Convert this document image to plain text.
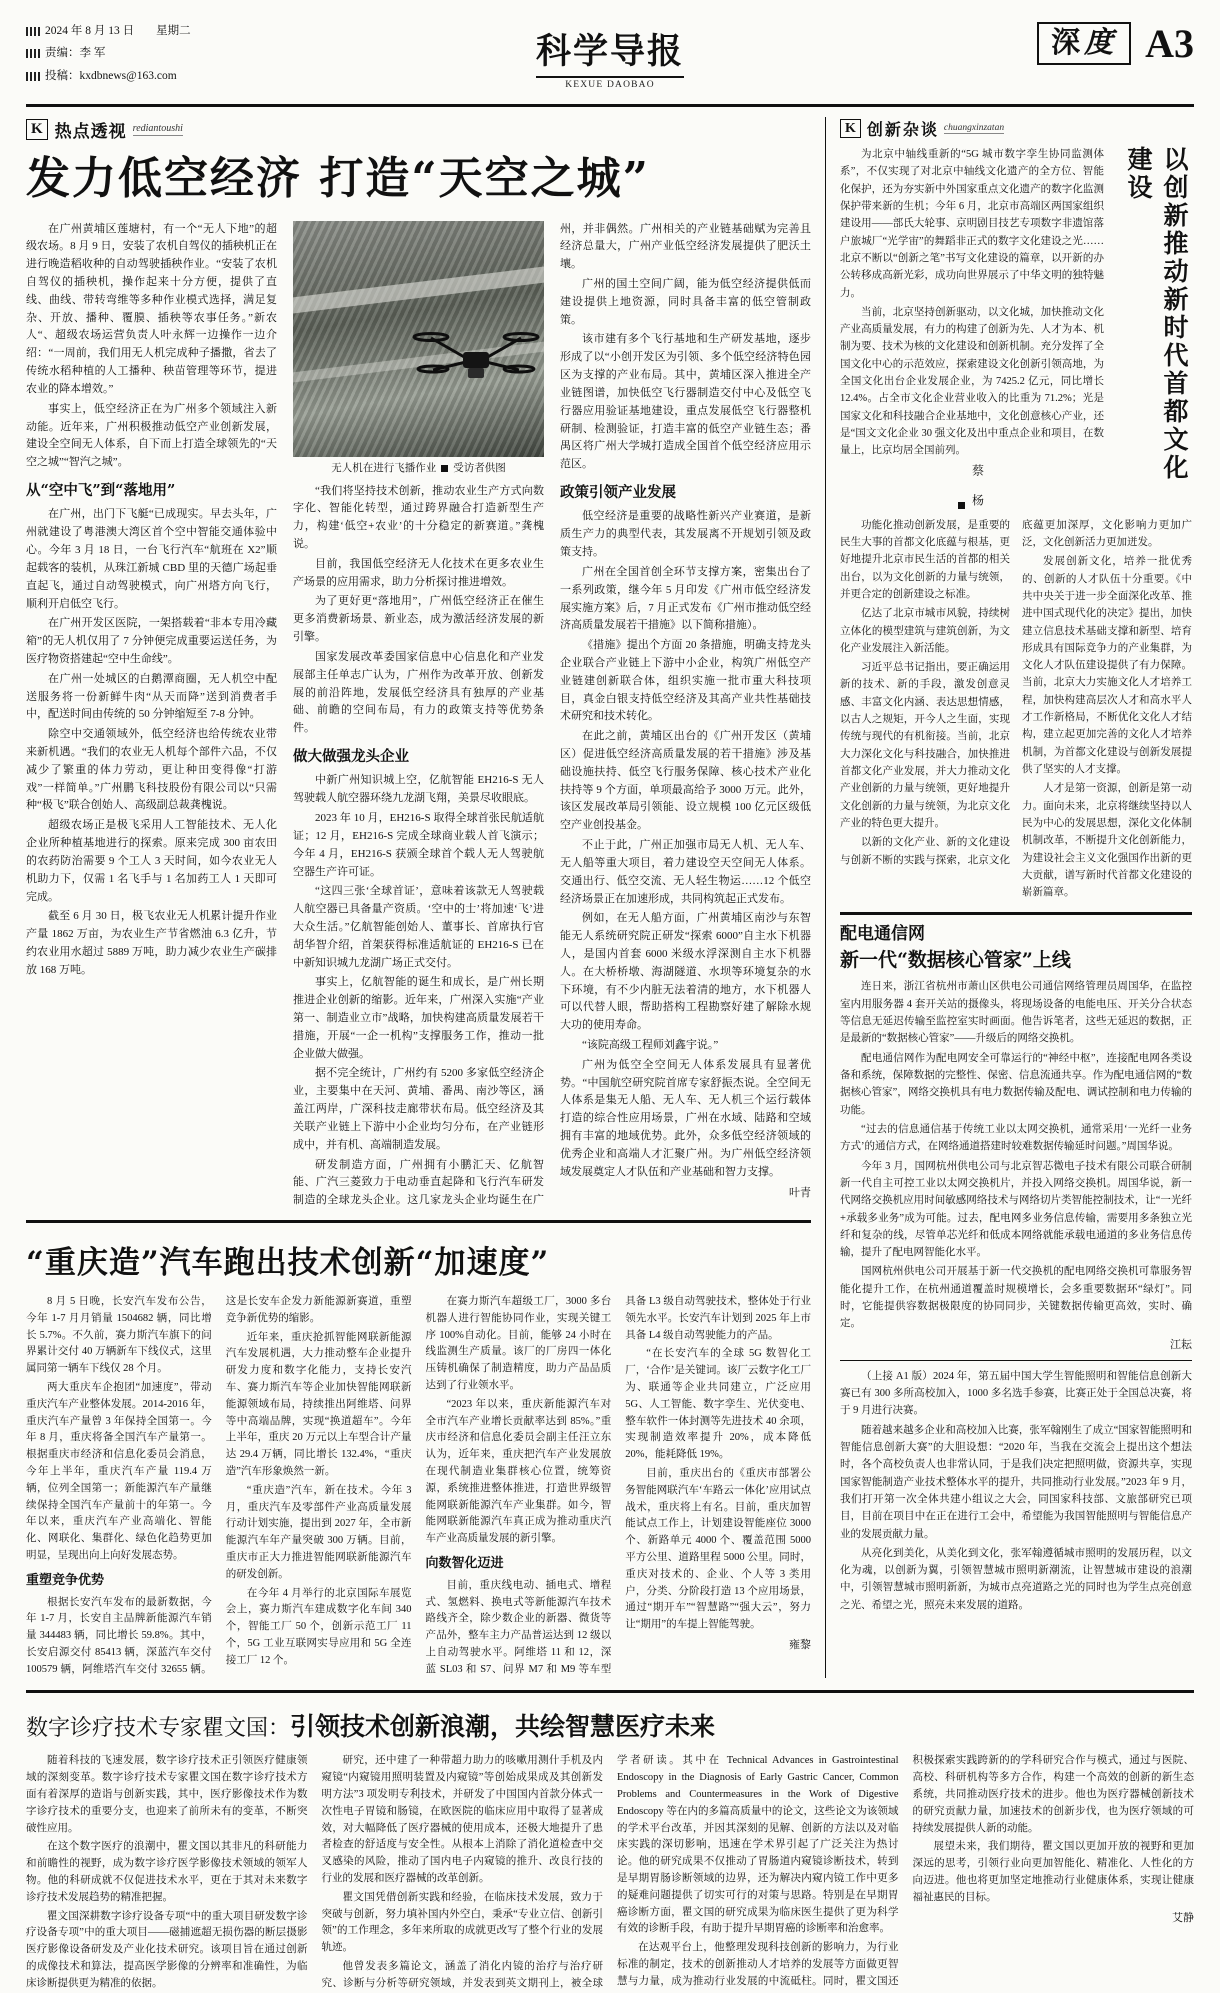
2024 年 8 月 13 日 星期二
责编：李 军
投稿：kxdbnews@163.com
科学导报
KEXUE DAOBAO
深度 A3
K 热点透视 rediantoushi
发力低空经济 打造“天空之城”

在广州黄埔区莲塘村，有一个“无人下地”的超级农场。8 月 9 日，安装了农机自驾仪的插秧机正在进行晚造稻收种的自动驾驶插秧作业。“安装了农机自驾仪的插秧机，操作起来十分方便，提供了直线、曲线、带转弯维等多种作业模式选择，满足复杂、开放、播种、覆膜、插秧等农事任务。”新农人“、超级农场运营负责人叶永辉一边操作一边介绍：“一周前，我们用无人机完成种子播撒，省去了传统水稻种植的人工播种、秧苗管理等环节，提进农业的降本增效。”

事实上，低空经济正在为广州多个领域注入新动能。近年来，广州积极推动低空产业创新发展，建设全空间无人体系，自下而上打造全球领先的“天空之城”“智汽之城”。

从“空中飞”到“落地用”

在广州，出门下飞艇“已成现实。早去头年，广州就建设了粤港澳大湾区首个空中智能交通体验中心。今年 3 月 18 日，一台飞行汽车“航班在 X2”顺起载客的装机，从珠江新城 CBD 里的天德广场起垂直起飞，通过自动驾驶模式，向广州塔方向飞行，顺利开启低空飞行。

在广州开发区医院，一架搭载着“非本专用冷藏箱”的无人机仅用了 7 分钟便完成重要运送任务，为医疗物资搭建起“空中生命线”。

在广州一处城区的白鹅潭商圈，无人机空中配送服务将一份新鲜牛肉“从天而降”送到消费者手中，配送时间由传统的 50 分钟缩短至 7-8 分钟。

除空中交通领域外，低空经济也给传统农业带来新机遇。“我们的农业无人机每个部件六品，不仅减少了繁重的体力劳动，更让种田变得像“打游戏”一样简单。”广州鹏飞科技股份有限公司以“只需种“极飞”联合创始人、高级副总裁龚槐说。

超级农场正是极飞采用人工智能技术、无人化企业所种植基地进行的探索。原来完成 300 亩农田的农药防治需要 9 个工人 3 天时间，如今农业无人机助力下，仅需 1 名飞手与 1 名加药工人 1 天即可完成。

截至 6 月 30 日，极飞农业无人机累计提升作业产量 1862 万亩，为农业生产节省燃油 6.3 亿升，节约农业用水超过 5889 万吨，助力减少农业生产碳排放 168 万吨。

无人机在进行飞播作业 受访者供图

“我们将坚持技术创新，推动农业生产方式向数字化、智能化转型，通过跨界融合打造新型生产力，构建‘低空+农业’的十分稳定的新赛道。”龚槐说。

目前，我国低空经济无人化技术在更多农业生产场景的应用需求，助力分析探讨推进增效。

为了更好更“落地用”，广州低空经济正在催生更多消费新场景、新业态，成为激活经济发展的新引擎。

国家发展改革委国家信息中心信息化和产业发展部主任单志广认为，广州作为改革开放、创新发展的前沿阵地，发展低空经济具有独厚的产业基础、前瞻的空间布局，有力的政策支持等优势条件。

做大做强龙头企业

中新广州知识城上空，亿航智能 EH216-S 无人驾驶载人航空器环绕九龙湖飞翔，美景尽收眼底。

2023 年 10 月，EH216-S 取得全球首张民航适航证；12 月，EH216-S 完成全球商业载人首飞演示；今年 4 月，EH216-S 获颁全球首个载人无人驾驶航空器生产许可证。

“这四三张‘全球首证’，意味着该款无人驾驶载人航空器已具备量产资质。‘空中的士’将加速‘飞’进大众生活。”亿航智能创始人、董事长、首席执行官胡华智介绍，首架获得标准适航证的 EH216-S 已在中新知识城九龙湖广场正式交付。

事实上，亿航智能的诞生和成长，是广州长期推进企业创新的缩影。近年来，广州深入实施“产业第一、制造业立市”战略，加快构建高质量发展若干措施，开展“一企一机构”支撑服务工作，推动一批企业做大做强。

据不完全统计，广州约有 5200 多家低空经济企业，主要集中在天河、黄埔、番禺、南沙等区，涵盖江两岸，广深科技走廊带状布局。低空经济及其关联产业链上下游中小企业均匀分布，在产业链形成中，并有机、高端制造发展。

研发制造方面，广州拥有小鹏汇天、亿航智能、广汽三菱致力于电动垂直起降和飞行汽车研发制造的全球龙头企业。这几家龙头企业均诞生在广州，并非偶然。广州相关的产业链基础赋为完善且经济总量大，广州产业低空经济发展提供了肥沃土壤。

广州的国土空间广阔，能为低空经济提供低而建设提供上地资源，同时具备丰富的低空管制政策。

该市建有多个飞行基地和生产研发基地，逐步形成了以“小创开发区为引领、多个低空经济特色园区为支撑的产业布局。其中，黄埔区深入推进全产业链图谱，加快低空飞行器制造交付中心及低空飞行器应用验证基地建设，重点发展低空飞行器整机研制、检测验证，打造丰富的低空产业链生态；番禺区将广州大学城打造成全国首个低空经济应用示范区。

政策引领产业发展

低空经济是重要的战略性新兴产业赛道，是新质生产力的典型代表，其发展离不开规划引领及政策支持。

广州在全国首创全环节支撑方案，密集出台了一系列政策，继今年 5 月印发《广州市低空经济发展实施方案》后，7 月正式发布《广州市推动低空经济高质量发展若干措施》以下简称措施）。

《措施》提出个方面 20 条措施，明确支持龙头企业联合产业链上下游中小企业，构筑广州低空产业链建创新联合体，组织实施一批市重大科技项目，真金白银支持低空经济及其高产业共性基础技术研究和技术转化。

在此之前，黄埔区出台的《广州开发区（黄埔区）促进低空经济高质量发展的若干措施》涉及基础设施扶持、低空飞行服务保障、核心技术产业化扶持等 9 个方面，单项最高给予 3000 万元。此外，该区发展改革局引领能、设立规模 100 亿元区级低空产业创投基金。

不止于此，广州正加强市局无人机、无人车、无人船等重大项目，着力建设空天空间无人体系。交通出行、低空交流、无人轻生物运……12 个低空经济场景正在加速形成，共同构筑起正式发布。

例如，在无人船方面，广州黄埔区南沙与东智能无人系统研究院正研发“探索 6000”自主水下机器人，是国内首套 6000 米级水浮深测自主水下机器人。在大桥桥墩、海湖隧道、水坝等环境复杂的水下环境，有不少内脏无法着清的地方，水下机器人可以代替人眼，帮助搭构工程勘察好建了解除水规大功的使用寿命。

“该院高级工程师刘鑫宇说。”

广州为低空全空间无人体系发展具有显著优势。“中国航空研究院首席专家舒振杰说。全空间无人体系是集无人船、无人车、无人机三个运行载体打造的综合性应用场景，广州在水域、陆路和空域拥有丰富的地域优势。此外，众多低空经济领域的优秀企业和高端人才汇聚广州。为广州低空经济领域发展奠定人才队伍和产业基础和智力支撑。

叶青
“重庆造”汽车跑出技术创新“加速度”

8 月 5 日晚，长安汽车发布公告，今年 1-7 月月销量 1504682 辆，同比增长 5.7%。不久前，赛力斯汽车旗下的问界累计交付 40 万辆新车下线仪式，这里属同第一辆车下线仅 28 个月。

两大重庆车企抱团“加速度”，带动重庆汽车产业整体发展。2014-2016 年，重庆汽车产量曾 3 年保持全国第一。今年 8 月，重庆将备全国汽车产量第一。根据重庆市经济和信息化委员会消息，今年上半年，重庆汽车产量 119.4 万辆，位列全国第一；新能源汽车产量继续保持全国汽车产量前十的年第一。今年以来，重庆汽车产业高端化、智能化、网联化、集群化、绿色化趋势更加明显，呈现出向上向好发展态势。

重塑竞争优势

根据长安汽车发布的最新数据，今年 1-7 月，长安自主品牌新能源汽车销量 344483 辆，同比增长 59.8%。其中，长安启源交付 85413 辆，深蓝汽车交付 100579 辆，阿维塔汽车交付 32655 辆。这是长安车企发力新能源新赛道，重塑竞争新优势的缩影。

近年来，重庆抢抓智能网联新能源汽车发展机遇，大力推动整车企业提升研发力度和数字化能力，支持长安汽车、赛力斯汽车等企业加快智能网联新能源领域布局，持续推出阿维塔、问界等中高端品牌，实现“换道超车”。今年上半年，重庆 20 万元以上车型合计产量达 29.4 万辆，同比增长 132.4%，“重庆造”汽车形象焕然一新。

“重庆造”汽车，新在技术。今年 3 月，重庆汽车及零部件产业高质量发展行动计划实施，提出到 2027 年，全市新能源汽车年产量突破 300 万辆。目前，重庆市正大力推进智能网联新能源汽车的研发创新。

在今年 4 月举行的北京国际车展览会上，赛力斯汽车建成数字化车间 340 个，智能工厂 50 个，创新示范工厂 11 个，5G 工业互联网实导应用和 5G 全连接工厂 12 个。

在赛力斯汽车超级工厂，3000 多台机器人进行智能协同作业，实现关键工序 100%自动化。目前，能够 24 小时在线监测生产质量。该厂的厂房四一体化压铸机确保了制造精度，助力产品品质达到了行业领水平。

“2023 年以来，重庆新能源汽车对全市汽车产业增长贡献率达到 85%。”重庆市经济和信息化委员会副主任汪立东认为，近年来，重庆把汽车产业发展放在现代制造业集群核心位置，统筹资源，系统推进整体推进，打造世界级智能网联新能源汽车产业集群。如今，智能网联新能源汽车真正成为推动重庆汽车产业高质量发展的新引擎。

向数智化迈进

目前，重庆线电动、插电式、增程式、氢燃料、换电式等新能源汽车技术路线齐全，除少数企业的新器、微货等产品外，整车主力产品普运达到 12 级以上自动驾驶水平。阿维塔 11 和 12，深蓝 SL03 和 S7、问界 M7 和 M9 等车型具备 L3 级自动驾驶技术，整体处于行业领先水平。长安汽车计划到 2025 年上市具备 L4 级自动驾驶能力的产品。

“在长安汽车的全球 5G 数智化工厂，‘合作’是关键词。该厂云数字化工厂为、联通等企业共同建立，广泛应用 5G、人工智能、数字孪生、光伏变电、整车软件一体封测等先进技术 40 余项，实现制造效率提升 20%，成本降低 20%，能耗降低 19%。

目前，重庆出台的《重庆市部署公务智能网联汽车‘车路云一体化’应用试点战术，重庆将上有名。目前，重庆加智能试点工作上，计划建设智能座位 3000 个、新路单元 4000 个、覆盖范围 5000 平方公里、道路里程 5000 公里。同时，重庆对技术的、企业、个人等 3 类用户，分类、分阶段打造 13 个应用场景，通过“期开车”“智慧路”“强大云”，努力让“期用”的车提上智能驾驶。

雍黎
K 创新杂谈 chuangxinzatan

为北京中轴线重新的“5G 城市数字孪生协同监测体系”，不仅实现了对北京中轴线文化遗产的全方位、智能化保护，还为夯实新中外国家重点文化遗产的数字化监测保护带来新的生机；今年 6 月，北京市高端区两国家组织建设用——部氏大轮事、京明剧目技艺专项数字非遗馆落户旅城厂“光学宙”的舞蹈非正式的数字文化建设之光……北京不断以“创新之笔”书写文化建设的篇章，以开新的办公转移成高新光彩，成功向世界展示了中华文明的独特魅力。

当前，北京坚持创新驱动，以文化城，加快推动文化产业高质量发展，有力的构建了创新为先、人才为本、机制为要、技术为核的文化建设和创新机制。充分发挥了全国文化中心的示范效应，探索建设文化创新引领高地，为全国文化出台企业发展企业，为 7425.2 亿元，同比增长 12.4%。占全市文化企业营业收入的比重为 71.2%；光是国家文化和科技融合企业基地中，文化创意核心产业，还是“国文文化企业 30 强文化及出中重点企业和项目，在数量上，比京均居全国前列。

蔡 杨
以创新推动新时代首都文化建设

功能化推动创新发展，是重要的民生大事的首都文化底蕴与根基，更好地提升北京市民生活的首都的相关出台，以为文化创新的力量与统领，并更合定的创新建设之标准。

亿达了北京市城市风貌，持续树立体化的模型建筑与建筑创新，为文化产业发展注入新活能。

习近平总书记指出，要正确运用新的技术、新的手段，激发创意灵感、丰富文化内涵、表达思想情感，以古人之规矩，开今人之生面，实现传统与现代的有机衔接。当前，北京大力深化文化与科技融合，加快推进首都文化产业发展，并大力推动文化产业创新的力量与统领，更好地提升文化创新的力量与统领，为北京文化产业的特色更大提升。

以新的文化产业、新的文化建设与创新不断的实践与探索，北京文化底蕴更加深厚，文化影响力更加广泛，文化创新活力更加迸发。

发展创新文化，培养一批优秀的、创新的人才队伍十分重要。《中共中央关于进一步全面深化改革、推进中国式现代化的决定》提出，加快建立信息技术基础支撑和新型、培育形成具有国际竞争力的产业集群，为文化人才队伍建设提供了有力保障。当前，北京大力实施文化人才培养工程，加快构建高层次人才和高水平人才工作新格局，不断优化文化人才结构，建立起更加完善的文化人才培养机制，为首都文化建设与创新发展提供了坚实的人才支撑。

人才是第一资源，创新是第一动力。面向未来，北京将继续坚持以人民为中心的发展思想，深化文化体制机制改革，不断提升文化创新能力，为建设社会主义文化强国作出新的更大贡献，谱写新时代首都文化建设的崭新篇章。

配电通信网
新一代“数据核心管家”上线

连日来，浙江省杭州市萧山区供电公司通信网络管理员周国华，在监控室内用服务器 4 套开关站的摄像头，将现场设备的电能电压、开关分合状态等信息无延迟传输至监控室实时画面。他告诉笔者，这些无延迟的数据，正是最新的“数据核心管家”——升级后的网络交换机。

配电通信网作为配电网安全可靠运行的“神经中枢”，连接配电网各类设备和系统，保障数据的完整性、保密、信息流通共享。作为配电通信网的“数据核心管家”，网络交换机具有电力数据传输及配电、调试控制和电力传输的功能。

“过去的信息通信基于传统工业以太网交换机，通常采用‘一光纤一业务方式’的通信方式，在网络通道搭建时较难数据传输延时问题。”周国华说。

今年 3 月，国网杭州供电公司与北京智芯微电子技术有限公司联合研制新一代自主可控工业以太网交换机片，并投入网络交换机。周国华说，新一代网络交换机应用时间敏感网络技术与网络切片类智能控制技术，让“一光纤+承载多业务”成为可能。过去，配电网多业务信息传输，需要用多条独立光纤和复杂的线，尽管单芯光纤和低成本网络就能承载电通道的多业务信息传输，提升了配电网智能化水平。

国网杭州供电公司开展基于新一代交换机的配电网络交换机可靠服务智能化提升工作，在杭州通道覆盖时规模增长，会多重要数据环“绿灯”。同时，它能提供容数据极限度的协同同步，关键数据传输更高效，实时、确定。

江耘

（上接 A1 版）2024 年，第五届中国大学生智能照明和智能信息创新大赛已有 300 多所高校加入，1000 多名选手参赛，比赛正处于全国总决赛，将于 9 月进行决赛。

随着越来越多企业和高校加入比赛，张军翰刚生了成立“国家智能照明和智能信息创新大赛”的大胆设想：“2020 年，当我在交流会上提出这个想法时，各个高校负责人也非常认同，于是我们决定把照明做，资源共享，实现国家智能制造产业技术整体水平的提升，共同推动行业发展。”2023 年 9 月，我们打开第一次全体共建小组议之大会，同国家科技部、文旅部研究已项目，目前在项目中在正在进行工会中，希望能为我国智能照明与智能信息产业的发展贡献力量。

从亮化到美化，从美化到文化，张军翰遵循城市照明的发展历程，以文化为魂，以创新为翼，引领智慧城市照明新潮流，让智慧城市建设的浪潮中，引领智慧城市照明新新，为城市点亮道路之光的同时也为学生点亮创意之光、希望之光，照亮未来发展的道路。

数字诊疗技术专家瞿文国：引领技术创新浪潮，共绘智慧医疗未来

随着科技的飞速发展，数字诊疗技术正引领医疗健康领域的深刻变革。数字诊疗技术专家瞿文国在数字诊疗技术方面有着深厚的造诣与创新实践，其中，医疗影像技术作为数字诊疗技术的重要分支，也迎来了前所未有的变革，不断突破性应用。

在这个数字医疗的浪潮中，瞿文国以其非凡的科研能力和前瞻性的视野，成为数字诊疗医学影像技术领域的领军人物。他的科研成就不仅促进技术水平，更在于其对未来数字诊疗技术发展趋势的精准把握。

瞿文国深耕数字诊疗设备专项“中的重大项目研发数字诊疗设备专项”中的重大项目——磁捕遮超无损伤器的断层摄影医疗影像设备研发及产业化技术研究。该项目旨在通过创新的成像技术和算法，提高医学影像的分辨率和准确性，为临床诊断提供更为精准的依据。

研究，还中建了一种带超力助力的咳嗽用测什手机及内窥镜“内窥镜用照明装置及内窥镜”等创始成果成及其创新发明方法”3 项发明专利技术，并研发了中国国内首款分体式一次性电子胃镜和肠镜，在欧医院的临床应用中取得了显著成效，对大幅降低了医疗器械的使用成本，还极大地提升了患者检查的舒适度与安全性。从根本上消除了消化道检查中交叉感染的风险，推动了国内电子内窥镜的推升、改良行技的行业的发展和医疗器械的改革创新。

瞿文国凭借创新实践和经验，在临床技术发展，致力于突破与创新，努力填补国内外空白，秉承“专业立信、创新引领”的工作理念，多年来所取的成就更改写了整个行业的发展轨迹。

他曾发表多篇论文，涵盖了消化内镜的治疗与治疗研究、诊断与分析等研究领域，并发表到英文期刊上，被全球学者研读。其中在 Technical Advances in Gastrointestinal Endoscopy in the Diagnosis of Early Gastric Cancer, Common Problems and Countermeasures in the Work of Digestive Endoscopy 等在内的多篇高质量中的论文，这些论文为该领域的学术平台改革，并因其深刻的见解、创新的方法以及对临床实践的深切影响，迅速在学术界引起了广泛关注为热讨论。他的研究成果不仅推动了胃肠道内窥镜诊断技术，转到是早期胃肠诊断领域的边界，还为解决内窥内镜工作中更多的疑难问题提供了切实可行的对策与思路。特别是在早期胃癌诊断方面，瞿文国的研究成果为临床医生提供了更为科学有效的诊断手段，有助于提升早期胃癌的诊断率和治愈率。

在达观平台上，他整理发现科技创新的影响力，为行业标准的制定，技术的创新推动人才培养的发展等方面做更智慧与力量，成为推动行业发展的中流砥柱。同时，瞿文国还积极探索实践跨新的的学科研究合作与模式，通过与医院、高校、科研机构等多方合作，构建一个高效的创新的新生态系统，共同推动医疗技术的进步。他也为医疗器械创新技术的研究贡献力量，加速技术的创新步伐，也为医疗领域的可持续发展提供人新的动能。

展望未来，我们期待，瞿文国以更加开放的视野和更加深远的思考，引领行业向更加智能化、精准化、人性化的方向迈进。他也将更加坚定地推动行业健康体系，实现让健康福祉惠民的目标。

艾静
